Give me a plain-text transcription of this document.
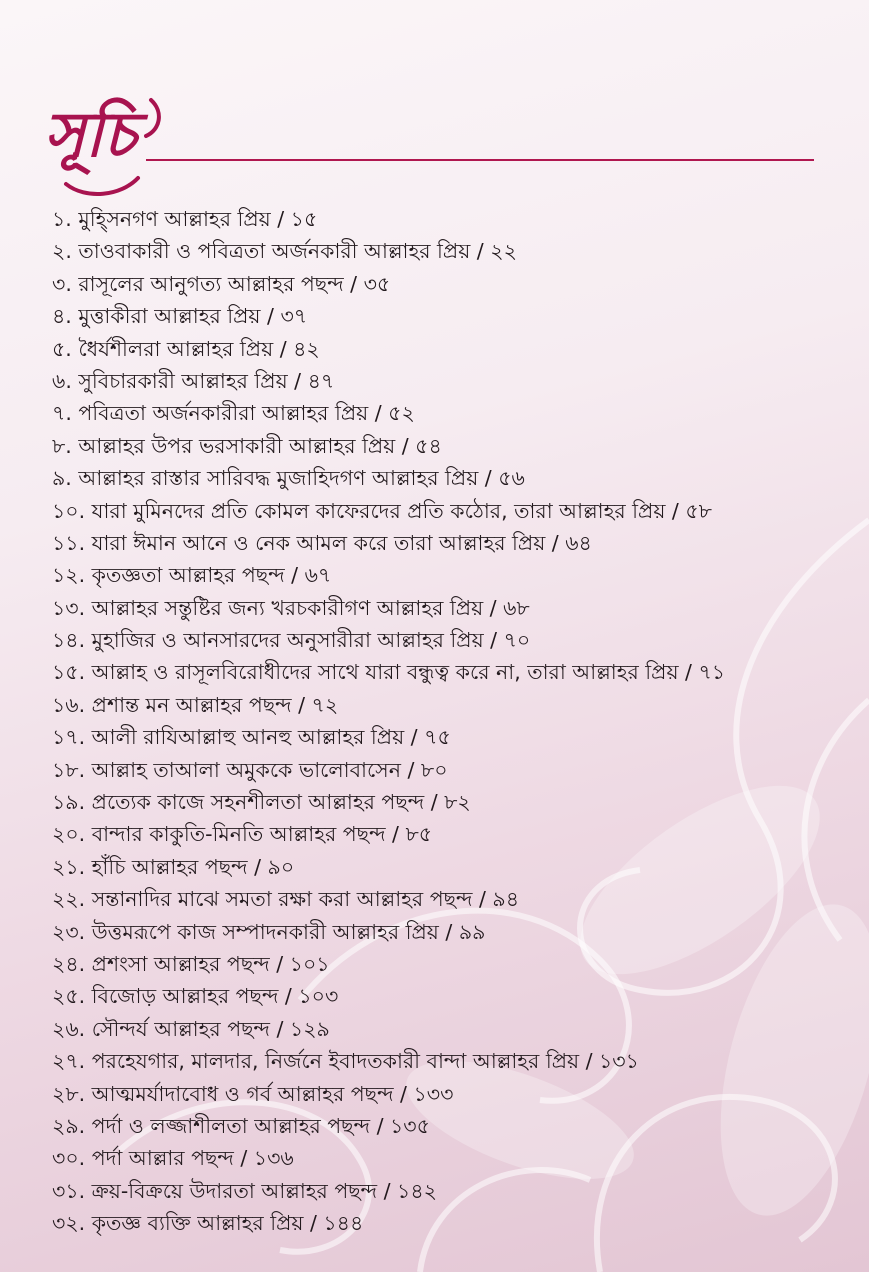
সূচি
১. মুহ্সিনগণ আল্লাহর প্রিয় / ১৫
২. তাওবাকারী ও পবিত্রতা অর্জনকারী আল্লাহর প্রিয় / ২২
৩. রাসূলের আনুগত্য আল্লাহর পছন্দ / ৩৫
৪. মুত্তাকীরা আল্লাহর প্রিয় / ৩৭
৫. ধৈর্যশীলরা আল্লাহর প্রিয় / ৪২
৬. সুবিচারকারী আল্লাহর প্রিয় / ৪৭
৭. পবিত্রতা অর্জনকারীরা আল্লাহর প্রিয় / ৫২
৮. আল্লাহর উপর ভরসাকারী আল্লাহর প্রিয় / ৫৪
৯. আল্লাহর রাস্তার সারিবদ্ধ মুজাহিদগণ আল্লাহর প্রিয় / ৫৬
১০. যারা মুমিনদের প্রতি কোমল কাফেরদের প্রতি কঠোর, তারা আল্লাহর প্রিয় / ৫৮
১১. যারা ঈমান আনে ও নেক আমল করে তারা আল্লাহর প্রিয় / ৬৪
১২. কৃতজ্ঞতা আল্লাহর পছন্দ / ৬৭
১৩. আল্লাহর সন্তুষ্টির জন্য খরচকারীগণ আল্লাহর প্রিয় / ৬৮
১৪. মুহাজির ও আনসারদের অনুসারীরা আল্লাহর প্রিয় / ৭০
১৫. আল্লাহ ও রাসূলবিরোধীদের সাথে যারা বন্ধুত্ব করে না, তারা আল্লাহর প্রিয় / ৭১
১৬. প্রশান্ত মন আল্লাহর পছন্দ / ৭২
১৭. আলী রাযিআল্লাহু আনহু আল্লাহর প্রিয় / ৭৫
১৮. আল্লাহ তাআলা অমুককে ভালোবাসেন / ৮০
১৯. প্রত্যেক কাজে সহনশীলতা আল্লাহর পছন্দ / ৮২
২০. বান্দার কাকুতি-মিনতি আল্লাহর পছন্দ / ৮৫
২১. হাঁচি আল্লাহর পছন্দ / ৯০
২২. সন্তানাদির মাঝে সমতা রক্ষা করা আল্লাহর পছন্দ / ৯৪
২৩. উত্তমরূপে কাজ সম্পাদনকারী আল্লাহর প্রিয় / ৯৯
২৪. প্রশংসা আল্লাহর পছন্দ / ১০১
২৫. বিজোড় আল্লাহর পছন্দ / ১০৩
২৬. সৌন্দর্য আল্লাহর পছন্দ / ১২৯
২৭. পরহেযগার, মালদার, নির্জনে ইবাদতকারী বান্দা আল্লাহর প্রিয় / ১৩১
২৮. আত্মমর্যাদাবোধ ও গর্ব আল্লাহর পছন্দ / ১৩৩
২৯. পর্দা ও লজ্জাশীলতা আল্লাহর পছন্দ / ১৩৫
৩০. পর্দা আল্লার পছন্দ / ১৩৬
৩১. ক্রয়-বিক্রয়ে উদারতা আল্লাহর পছন্দ / ১৪২
৩২. কৃতজ্ঞ ব্যক্তি আল্লাহর প্রিয় / ১৪৪
